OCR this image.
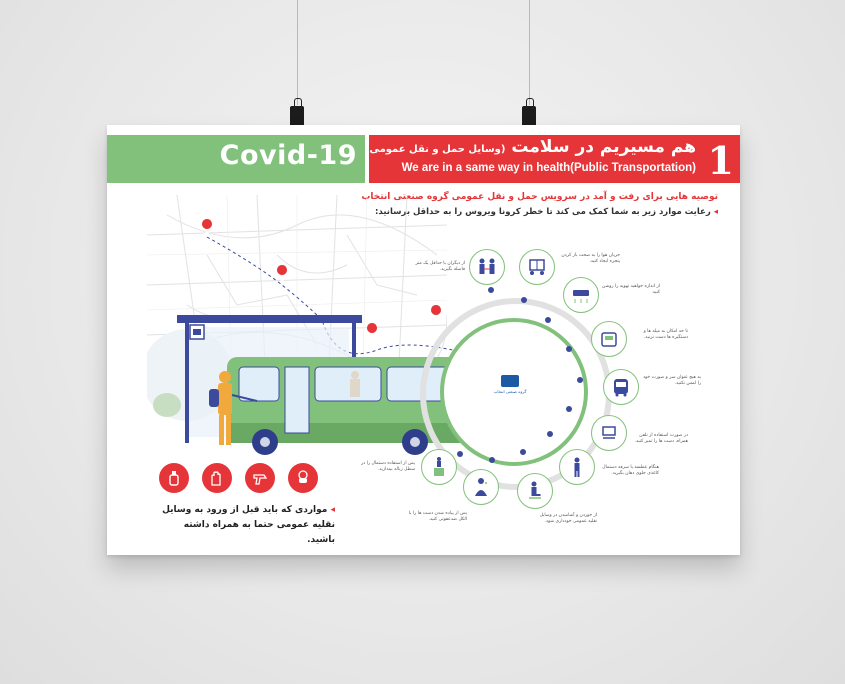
Covid-19	1
هم مسیریم در سلامت (وسایل حمل و نقل عمومی)
We are in a same way in health(Public Transportation)
توصیه هایی برای رفت و آمد در سرویس حمل و نقل عمومی گروه صنعتی انتخاب
◂ رعایت موارد زیر به شما کمک می کند تا خطر کرونا ویروس را به حداقل برسانید:
گروه صنعتی انتخاب
از دیگران با حداقل یک متر فاصله بگیرید.
جریان هوا را به صحت باز کردن پنجره ایجاد کنید.
از اندازه خواهید تهویه را روشن کنید.
تا حد امکان به میله ها و دستگیره ها دست نزنید.
به هیچ عنوان سر و صورت خود را لمس نکنید.
در صورت استفاده از تلفن همراه، دست ها را تمیز کنید.
هنگام عطسه یا سرفه دستمال کاغذی جلوی دهان بگیرید.
از خوردن و آشامیدن در وسایل نقلیه عمومی خودداری شود.
پس از پیاده شدن دست ها را با الکل ضدعفونی کنید.
پس از استفاده دستمال را در سطل زباله بیندازید.
◂ مواردی که باید قبل از ورود به وسایل نقلیه عمومی حتما به همراه داشته باشید.
